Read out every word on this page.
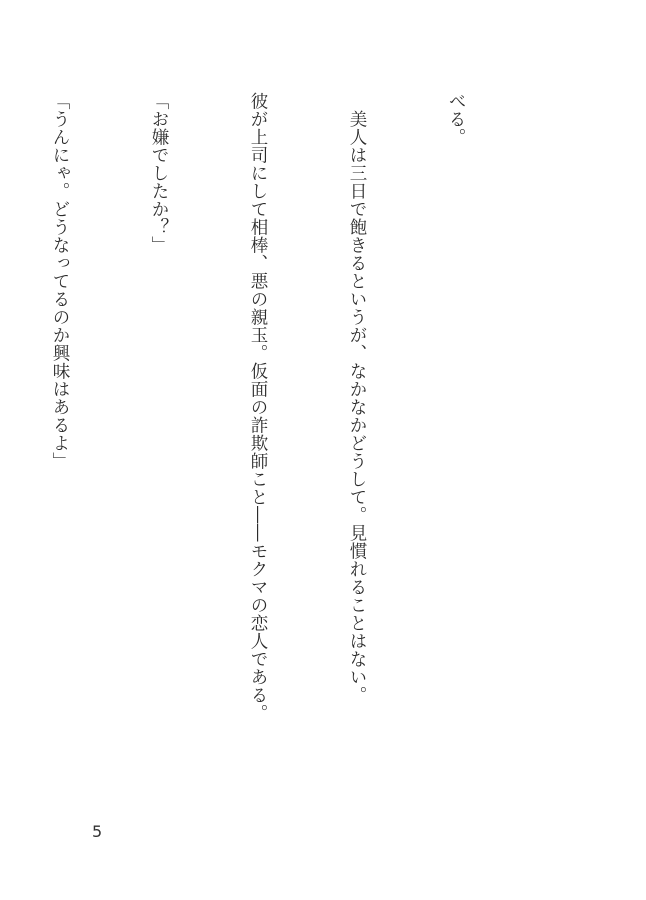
べる。

　美人は三日で飽きるというが、なかなかどうして。見慣れることはない。

彼が上司にして相棒、悪の親玉。仮面の詐欺師こと――モクマの恋人である。

「お嫌でしたか？」

「うんにゃ。どうなってるのか興味はあるよ」

5
